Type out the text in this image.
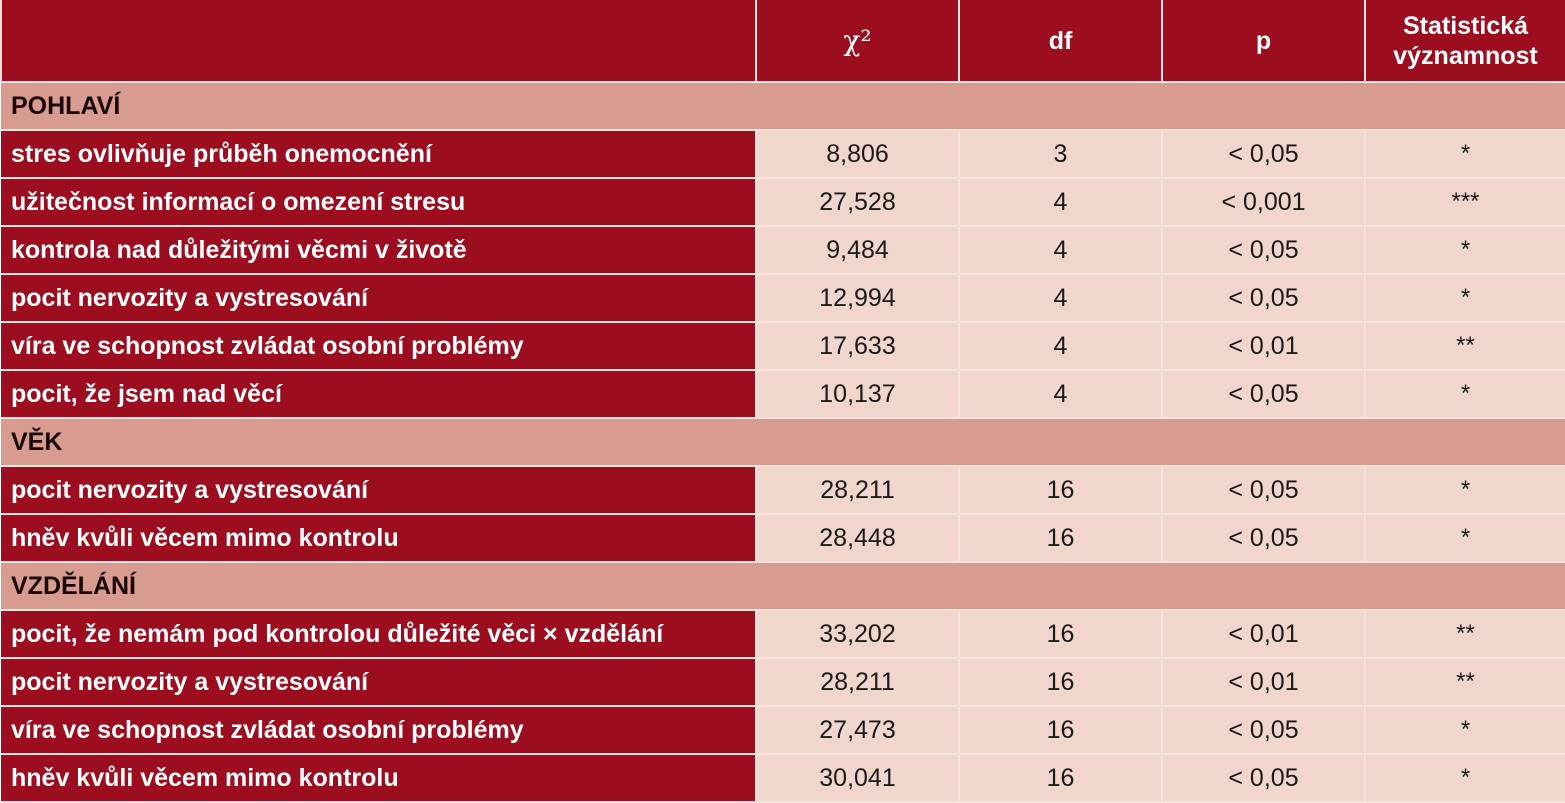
	χ²	df	p	Statistická významnost
POHLAVÍ				
stres ovlivňuje průběh onemocnění	8,806	3	< 0,05	*
užitečnost informací o omezení stresu	27,528	4	< 0,001	***
kontrola nad důležitými věcmi v životě	9,484	4	< 0,05	*
pocit nervozity a vystresování	12,994	4	< 0,05	*
víra ve schopnost zvládat osobní problémy	17,633	4	< 0,01	**
pocit, že jsem nad věcí	10,137	4	< 0,05	*
VĚK				
pocit nervozity a vystresování	28,211	16	< 0,05	*
hněv kvůli věcem mimo kontrolu	28,448	16	< 0,05	*
VZDĚLÁNÍ				
pocit, že nemám pod kontrolou důležité věci × vzdělání	33,202	16	< 0,01	**
pocit nervozity a vystresování	28,211	16	< 0,01	**
víra ve schopnost zvládat osobní problémy	27,473	16	< 0,05	*
hněv kvůli věcem mimo kontrolu	30,041	16	< 0,05	*
